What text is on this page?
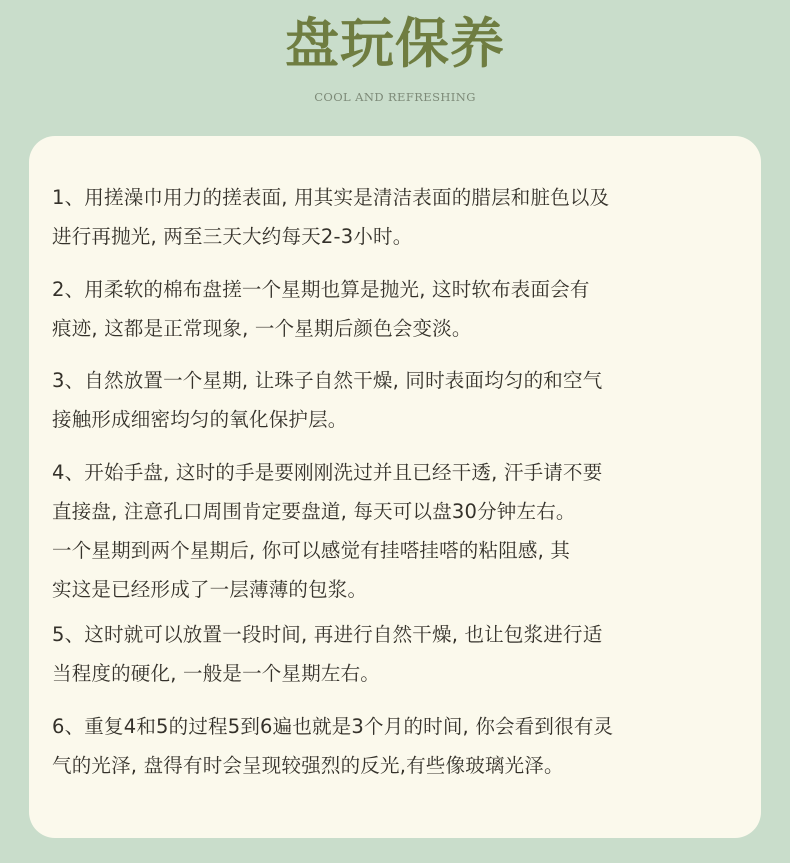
盘玩保养
COOL AND REFRESHING

1、用搓澡巾用力的搓表面, 用其实是清洁表面的腊层和脏色以及
进行再抛光, 两至三天大约每天2-3小时。

2、用柔软的棉布盘搓一个星期也算是抛光, 这时软布表面会有
痕迹, 这都是正常现象, 一个星期后颜色会变淡。

3、自然放置一个星期, 让珠子自然干燥, 同时表面均匀的和空气
接触形成细密均匀的氧化保护层。

4、开始手盘, 这时的手是要刚刚洗过并且已经干透, 汗手请不要
直接盘, 注意孔口周围肯定要盘道, 每天可以盘30分钟左右。
一个星期到两个星期后, 你可以感觉有挂嗒挂嗒的粘阻感, 其
实这是已经形成了一层薄薄的包浆。

5、这时就可以放置一段时间, 再进行自然干燥, 也让包浆进行适
当程度的硬化, 一般是一个星期左右。

6、重复4和5的过程5到6遍也就是3个月的时间, 你会看到很有灵
气的光泽, 盘得有时会呈现较强烈的反光,有些像玻璃光泽。
